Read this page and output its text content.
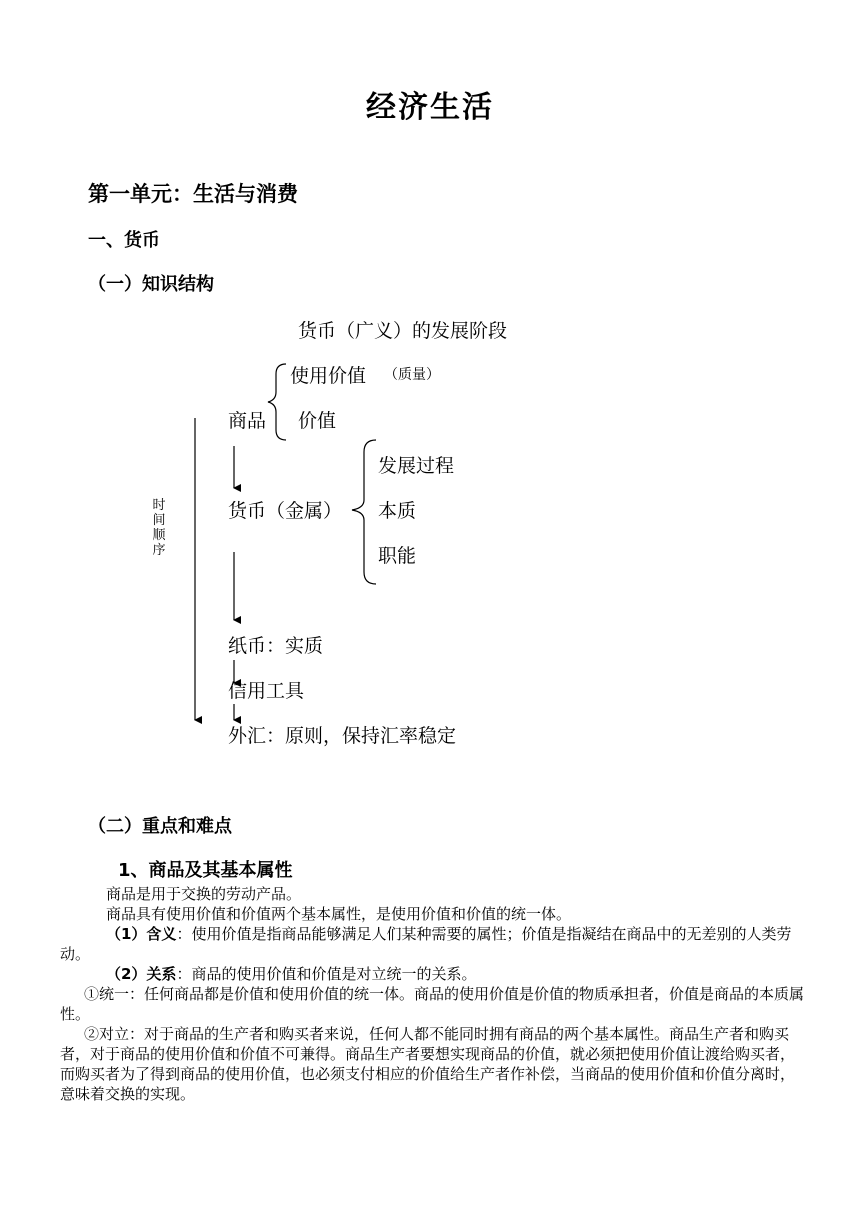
经济生活
第一单元：生活与消费
一、货币
（一）知识结构
货币（广义）的发展阶段
使用价值 （质量）
商品 价值
发展过程
货币（金属） 本质
职能
纸币：实质
信用工具
外汇：原则，保持汇率稳定
时间顺序
（二）重点和难点
1、商品及其基本属性

商品是用于交换的劳动产品。

商品具有使用价值和价值两个基本属性，是使用价值和价值的统一体。

（1）含义：使用价值是指商品能够满足人们某种需要的属性；价值是指凝结在商品中的无差别的人类劳动。

（2）关系：商品的使用价值和价值是对立统一的关系。

①统一：任何商品都是价值和使用价值的统一体。商品的使用价值是价值的物质承担者，价值是商品的本质属性。

②对立：对于商品的生产者和购买者来说，任何人都不能同时拥有商品的两个基本属性。商品生产者和购买者，对于商品的使用价值和价值不可兼得。商品生产者要想实现商品的价值，就必须把使用价值让渡给购买者，而购买者为了得到商品的使用价值，也必须支付相应的价值给生产者作补偿，当商品的使用价值和价值分离时，意味着交换的实现。
